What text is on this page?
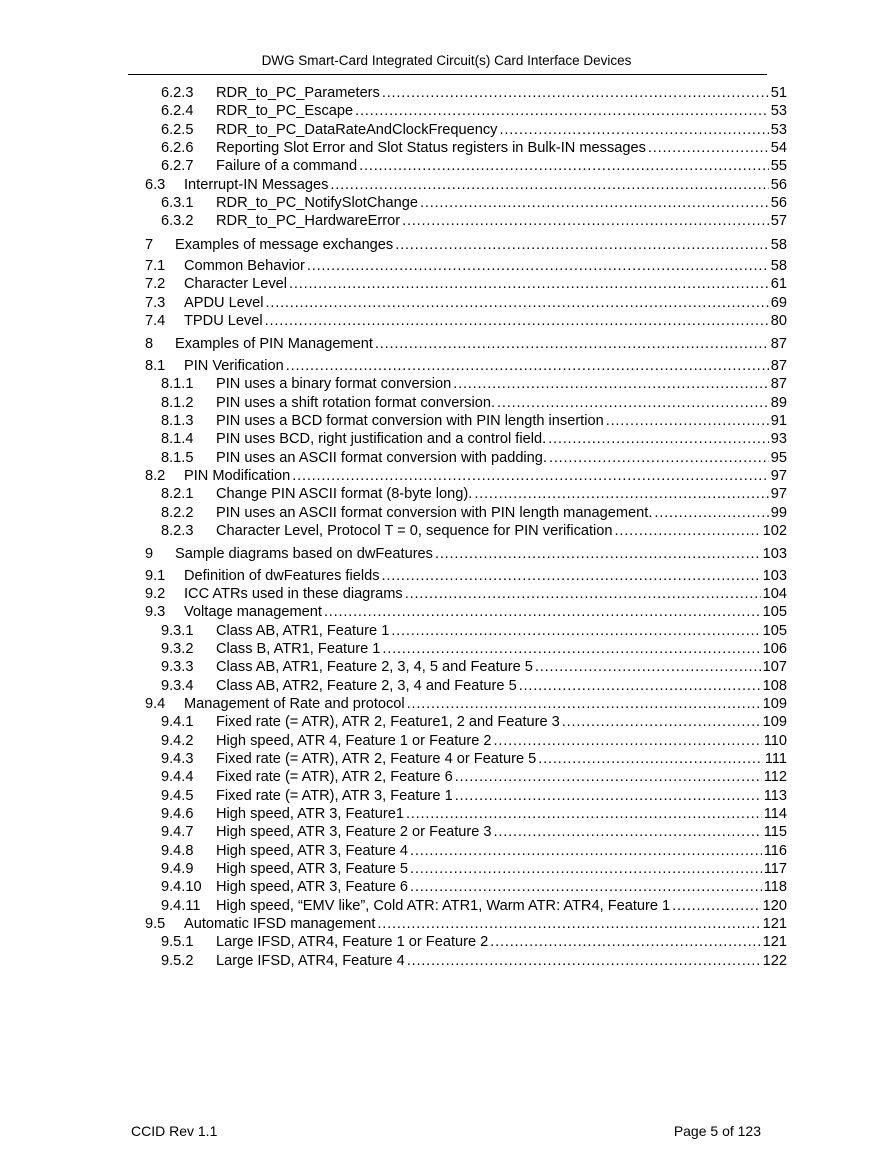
DWG Smart-Card Integrated Circuit(s) Card Interface Devices
6.2.3 RDR_to_PC_Parameters .....	51
6.2.4 RDR_to_PC_Escape .....	53
6.2.5 RDR_to_PC_DataRateAndClockFrequency .....	53
6.2.6 Reporting Slot Error and Slot Status registers in Bulk-IN messages .....	54
6.2.7 Failure of a command .....	55
6.3 Interrupt-IN Messages .....	56
6.3.1 RDR_to_PC_NotifySlotChange .....	56
6.3.2 RDR_to_PC_HardwareError .....	57
7 Examples of message exchanges .....	58
7.1 Common Behavior .....	58
7.2 Character Level .....	61
7.3 APDU Level .....	69
7.4 TPDU Level .....	80
8 Examples of PIN Management .....	87
8.1 PIN Verification .....	87
8.1.1 PIN uses a binary format conversion .....	87
8.1.2 PIN uses a shift rotation format conversion. .....	89
8.1.3 PIN uses a BCD format conversion with PIN length insertion .....	91
8.1.4 PIN uses BCD, right justification and a control field. .....	93
8.1.5 PIN uses an ASCII format conversion with padding. .....	95
8.2 PIN Modification .....	97
8.2.1 Change PIN ASCII format (8-byte long). .....	97
8.2.2 PIN uses an ASCII format conversion with PIN length management. .....	99
8.2.3 Character Level, Protocol T = 0, sequence for PIN verification .....	102
9 Sample diagrams based on dwFeatures .....	103
9.1 Definition of dwFeatures fields .....	103
9.2 ICC ATRs used in these diagrams .....	104
9.3 Voltage management .....	105
9.3.1 Class AB, ATR1, Feature 1 .....	105
9.3.2 Class B, ATR1, Feature 1 .....	106
9.3.3 Class AB, ATR1, Feature 2, 3, 4, 5 and Feature 5 .....	107
9.3.4 Class AB, ATR2, Feature 2, 3, 4 and Feature 5 .....	108
9.4 Management of Rate and protocol .....	109
9.4.1 Fixed rate (= ATR), ATR 2, Feature1, 2 and Feature 3 .....	109
9.4.2 High speed, ATR 4, Feature 1 or Feature 2 .....	110
9.4.3 Fixed rate (= ATR), ATR 2, Feature 4 or Feature 5 .....	111
9.4.4 Fixed rate (= ATR), ATR 2, Feature 6 .....	112
9.4.5 Fixed rate (= ATR), ATR 3, Feature 1 .....	113
9.4.6 High speed, ATR 3, Feature1 .....	114
9.4.7 High speed, ATR 3, Feature 2 or Feature 3 .....	115
9.4.8 High speed, ATR 3, Feature 4 .....	116
9.4.9 High speed, ATR 3, Feature 5 .....	117
9.4.10 High speed, ATR 3, Feature 6 .....	118
9.4.11 High speed, “EMV like”, Cold ATR: ATR1, Warm ATR: ATR4, Feature 1 .....	120
9.5 Automatic IFSD management .....	121
9.5.1 Large IFSD, ATR4, Feature 1 or Feature 2 .....	121
9.5.2 Large IFSD, ATR4, Feature 4 .....	122
CCID Rev 1.1	Page 5 of 123
